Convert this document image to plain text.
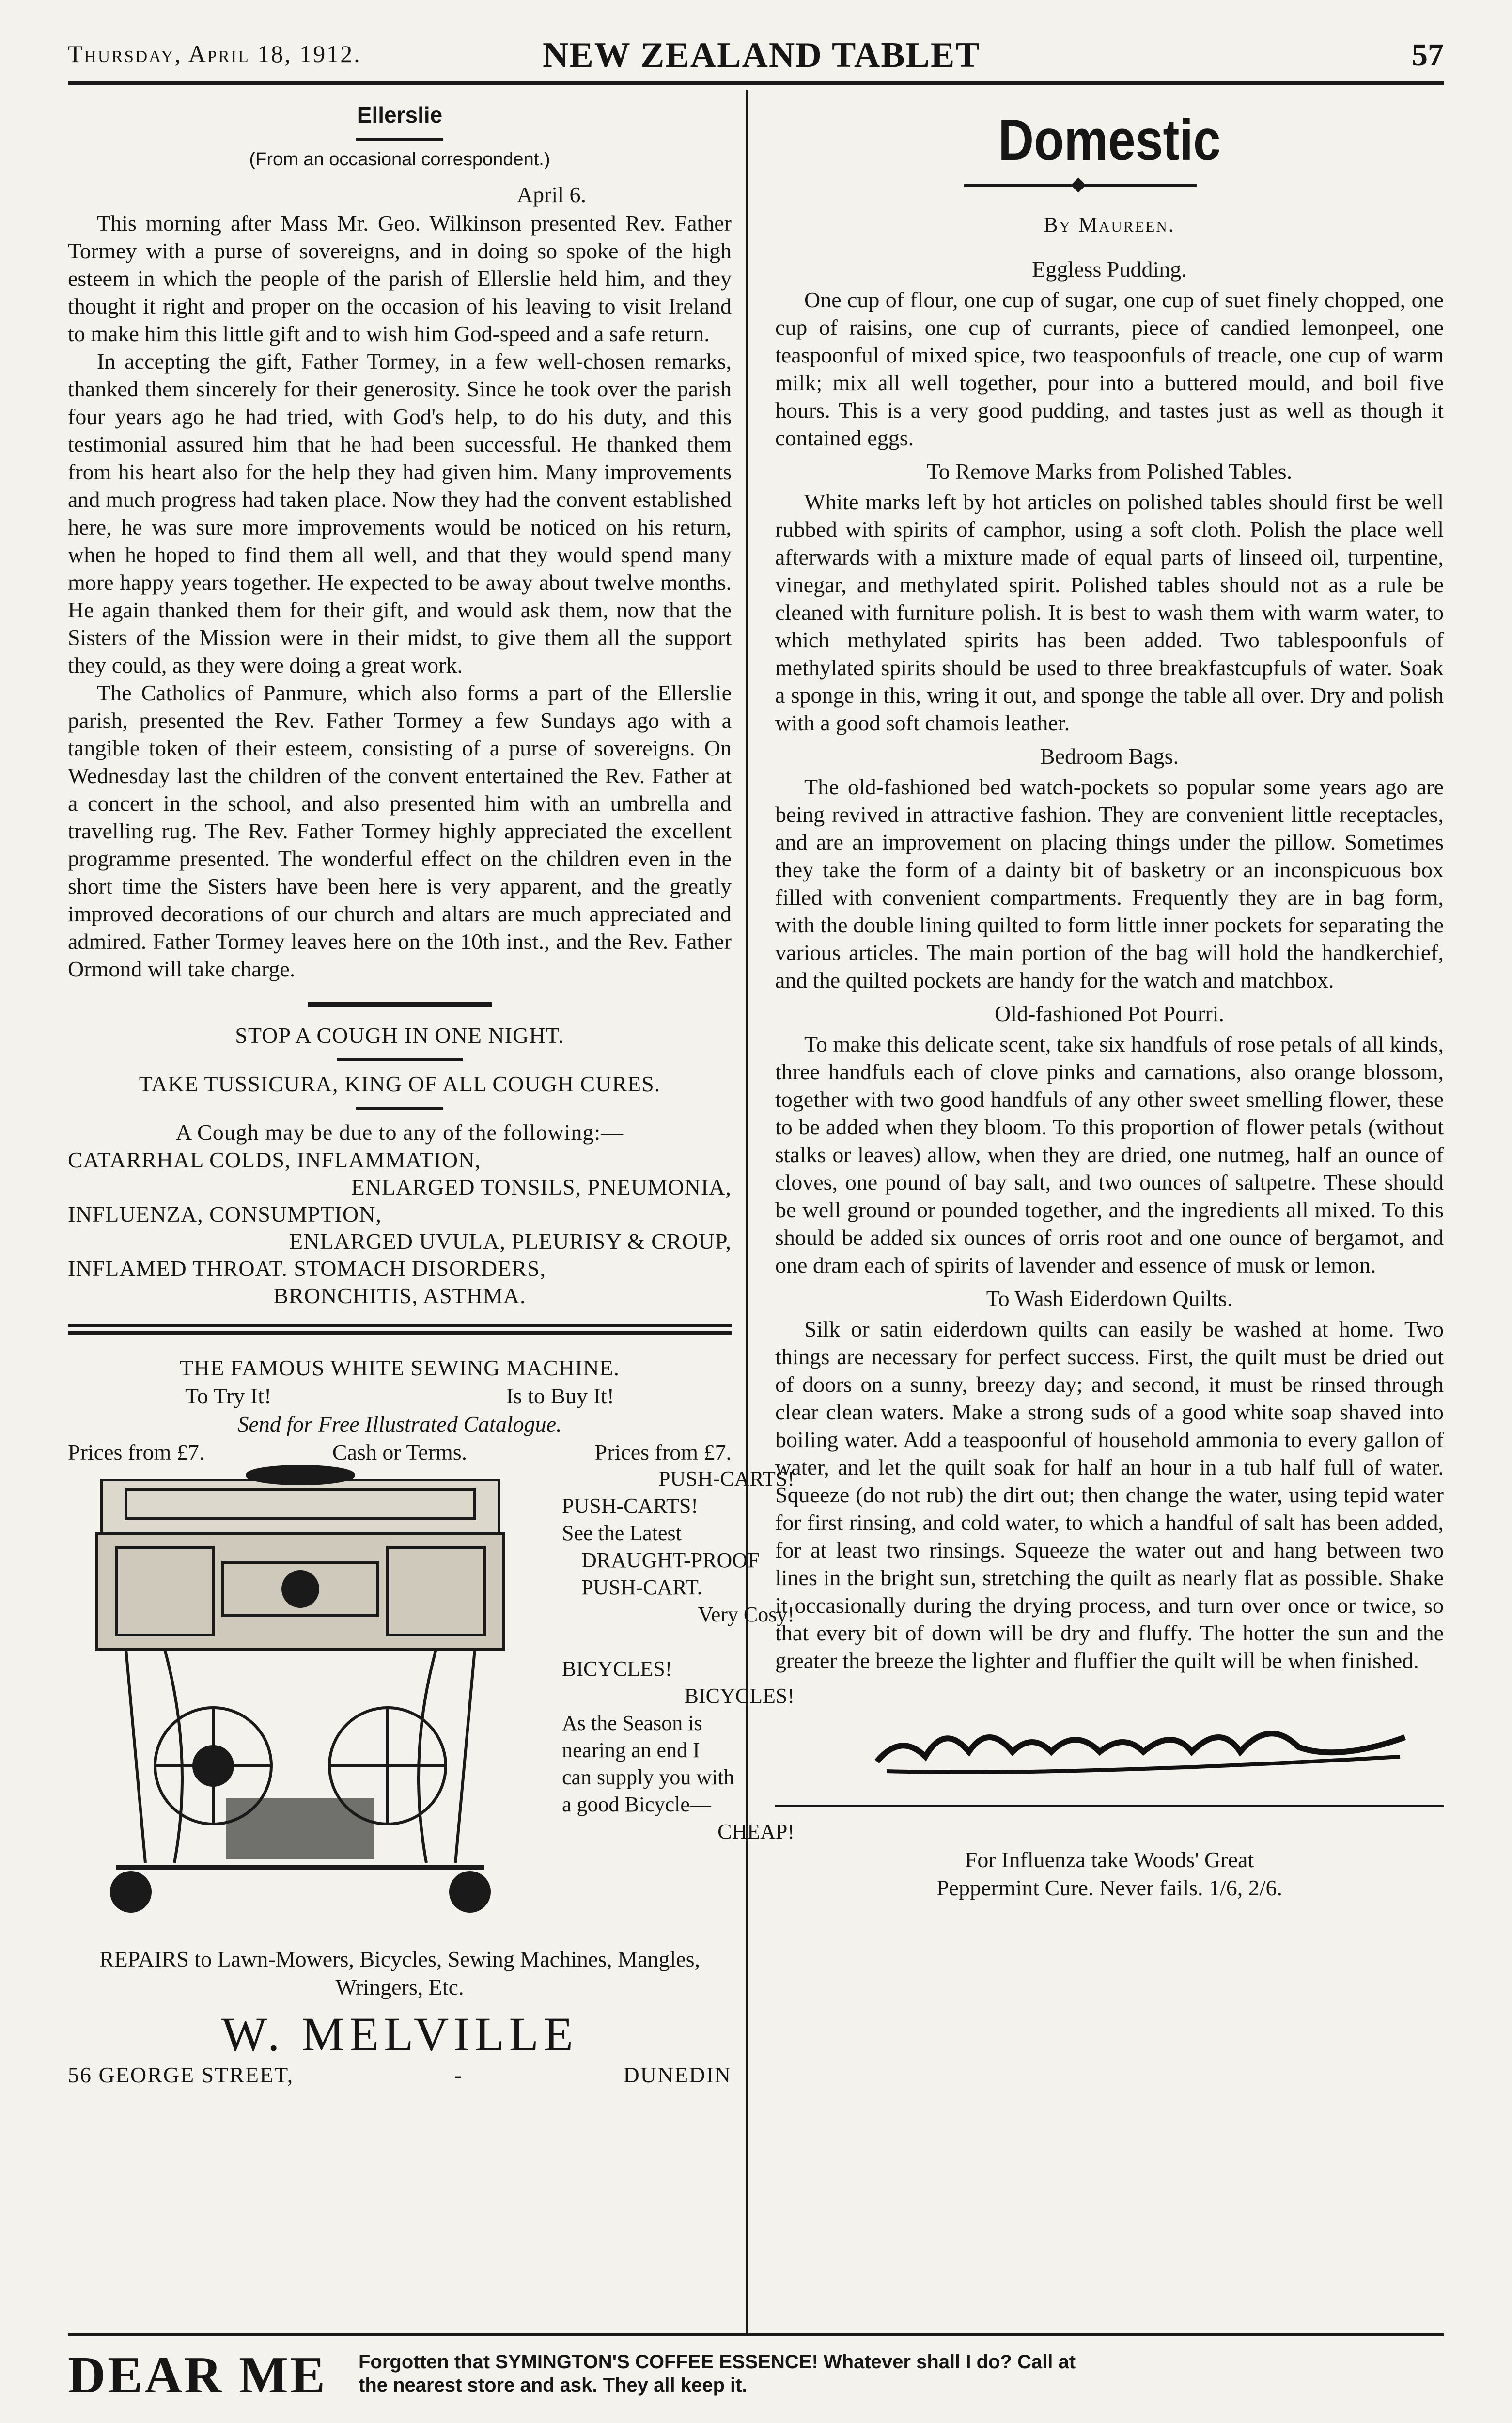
Thursday, April 18, 1912.	NEW ZEALAND TABLET	57
Ellerslie
(From an occasional correspondent.)
April 6.

This morning after Mass Mr. Geo. Wilkinson presented Rev. Father Tormey with a purse of sovereigns, and in doing so spoke of the high esteem in which the people of the parish of Ellerslie held him, and they thought it right and proper on the occasion of his leaving to visit Ireland to make him this little gift and to wish him God-speed and a safe return.

In accepting the gift, Father Tormey, in a few well-chosen remarks, thanked them sincerely for their generosity. Since he took over the parish four years ago he had tried, with God's help, to do his duty, and this testimonial assured him that he had been successful. He thanked them from his heart also for the help they had given him. Many improvements and much progress had taken place. Now they had the convent established here, he was sure more improvements would be noticed on his return, when he hoped to find them all well, and that they would spend many more happy years together. He expected to be away about twelve months. He again thanked them for their gift, and would ask them, now that the Sisters of the Mission were in their midst, to give them all the support they could, as they were doing a great work.

The Catholics of Panmure, which also forms a part of the Ellerslie parish, presented the Rev. Father Tormey a few Sundays ago with a tangible token of their esteem, consisting of a purse of sovereigns. On Wednesday last the children of the convent entertained the Rev. Father at a concert in the school, and also presented him with an umbrella and travelling rug. The Rev. Father Tormey highly appreciated the excellent programme presented. The wonderful effect on the children even in the short time the Sisters have been here is very apparent, and the greatly improved decorations of our church and altars are much appreciated and admired. Father Tormey leaves here on the 10th inst., and the Rev. Father Ormond will take charge.

STOP A COUGH IN ONE NIGHT.
TAKE TUSSICURA, KING OF ALL COUGH CURES.
A Cough may be due to any of the following:—
CATARRHAL COLDS, INFLAMMATION,
ENLARGED TONSILS, PNEUMONIA,
INFLUENZA, CONSUMPTION,
ENLARGED UVULA, PLEURISY & CROUP,
INFLAMED THROAT. STOMACH DISORDERS,
BRONCHITIS, ASTHMA.
THE FAMOUS WHITE SEWING MACHINE.
To Try It!	Is to Buy It!
Send for Free Illustrated Catalogue.
Prices from £7.	Cash or Terms.	Prices from £7.
PUSH-CARTS!
PUSH-CARTS!
See the Latest
DRAUGHT-PROOF
PUSH-CART.
Very Cosy!
BICYCLES!
BICYCLES!
As the Season is
nearing an end I
can supply you with
a good Bicycle—
CHEAP!
REPAIRS to Lawn-Mowers, Bicycles, Sewing Machines, Mangles, Wringers, Etc.
W. MELVILLE
56 GEORGE STREET,	-	DUNEDIN
Domestic
By Maureen.
Eggless Pudding.

One cup of flour, one cup of sugar, one cup of suet finely chopped, one cup of raisins, one cup of currants, piece of candied lemonpeel, one teaspoonful of mixed spice, two teaspoonfuls of treacle, one cup of warm milk; mix all well together, pour into a buttered mould, and boil five hours. This is a very good pudding, and tastes just as well as though it contained eggs.

To Remove Marks from Polished Tables.

White marks left by hot articles on polished tables should first be well rubbed with spirits of camphor, using a soft cloth. Polish the place well afterwards with a mixture made of equal parts of linseed oil, turpentine, vinegar, and methylated spirit. Polished tables should not as a rule be cleaned with furniture polish. It is best to wash them with warm water, to which methylated spirits has been added. Two tablespoonfuls of methylated spirits should be used to three breakfastcupfuls of water. Soak a sponge in this, wring it out, and sponge the table all over. Dry and polish with a good soft chamois leather.

Bedroom Bags.

The old-fashioned bed watch-pockets so popular some years ago are being revived in attractive fashion. They are convenient little receptacles, and are an improvement on placing things under the pillow. Sometimes they take the form of a dainty bit of basketry or an inconspicuous box filled with convenient compartments. Frequently they are in bag form, with the double lining quilted to form little inner pockets for separating the various articles. The main portion of the bag will hold the handkerchief, and the quilted pockets are handy for the watch and matchbox.

Old-fashioned Pot Pourri.

To make this delicate scent, take six handfuls of rose petals of all kinds, three handfuls each of clove pinks and carnations, also orange blossom, together with two good handfuls of any other sweet smelling flower, these to be added when they bloom. To this proportion of flower petals (without stalks or leaves) allow, when they are dried, one nutmeg, half an ounce of cloves, one pound of bay salt, and two ounces of saltpetre. These should be well ground or pounded together, and the ingredients all mixed. To this should be added six ounces of orris root and one ounce of bergamot, and one dram each of spirits of lavender and essence of musk or lemon.

To Wash Eiderdown Quilts.

Silk or satin eiderdown quilts can easily be washed at home. Two things are necessary for perfect success. First, the quilt must be dried out of doors on a sunny, breezy day; and second, it must be rinsed through clear clean waters. Make a strong suds of a good white soap shaved into boiling water. Add a teaspoonful of household ammonia to every gallon of water, and let the quilt soak for half an hour in a tub half full of water. Squeeze (do not rub) the dirt out; then change the water, using tepid water for first rinsing, and cold water, to which a handful of salt has been added, for at least two rinsings. Squeeze the water out and hang between two lines in the bright sun, stretching the quilt as nearly flat as possible. Shake it occasionally during the drying process, and turn over once or twice, so that every bit of down will be dry and fluffy. The hotter the sun and the greater the breeze the lighter and fluffier the quilt will be when finished.

For Influenza take Woods' Great
Peppermint Cure. Never fails. 1/6, 2/6.
DEAR ME Forgotten that SYMINGTON'S COFFEE ESSENCE! Whatever shall I do? Call at
the nearest store and ask. They all keep it.
